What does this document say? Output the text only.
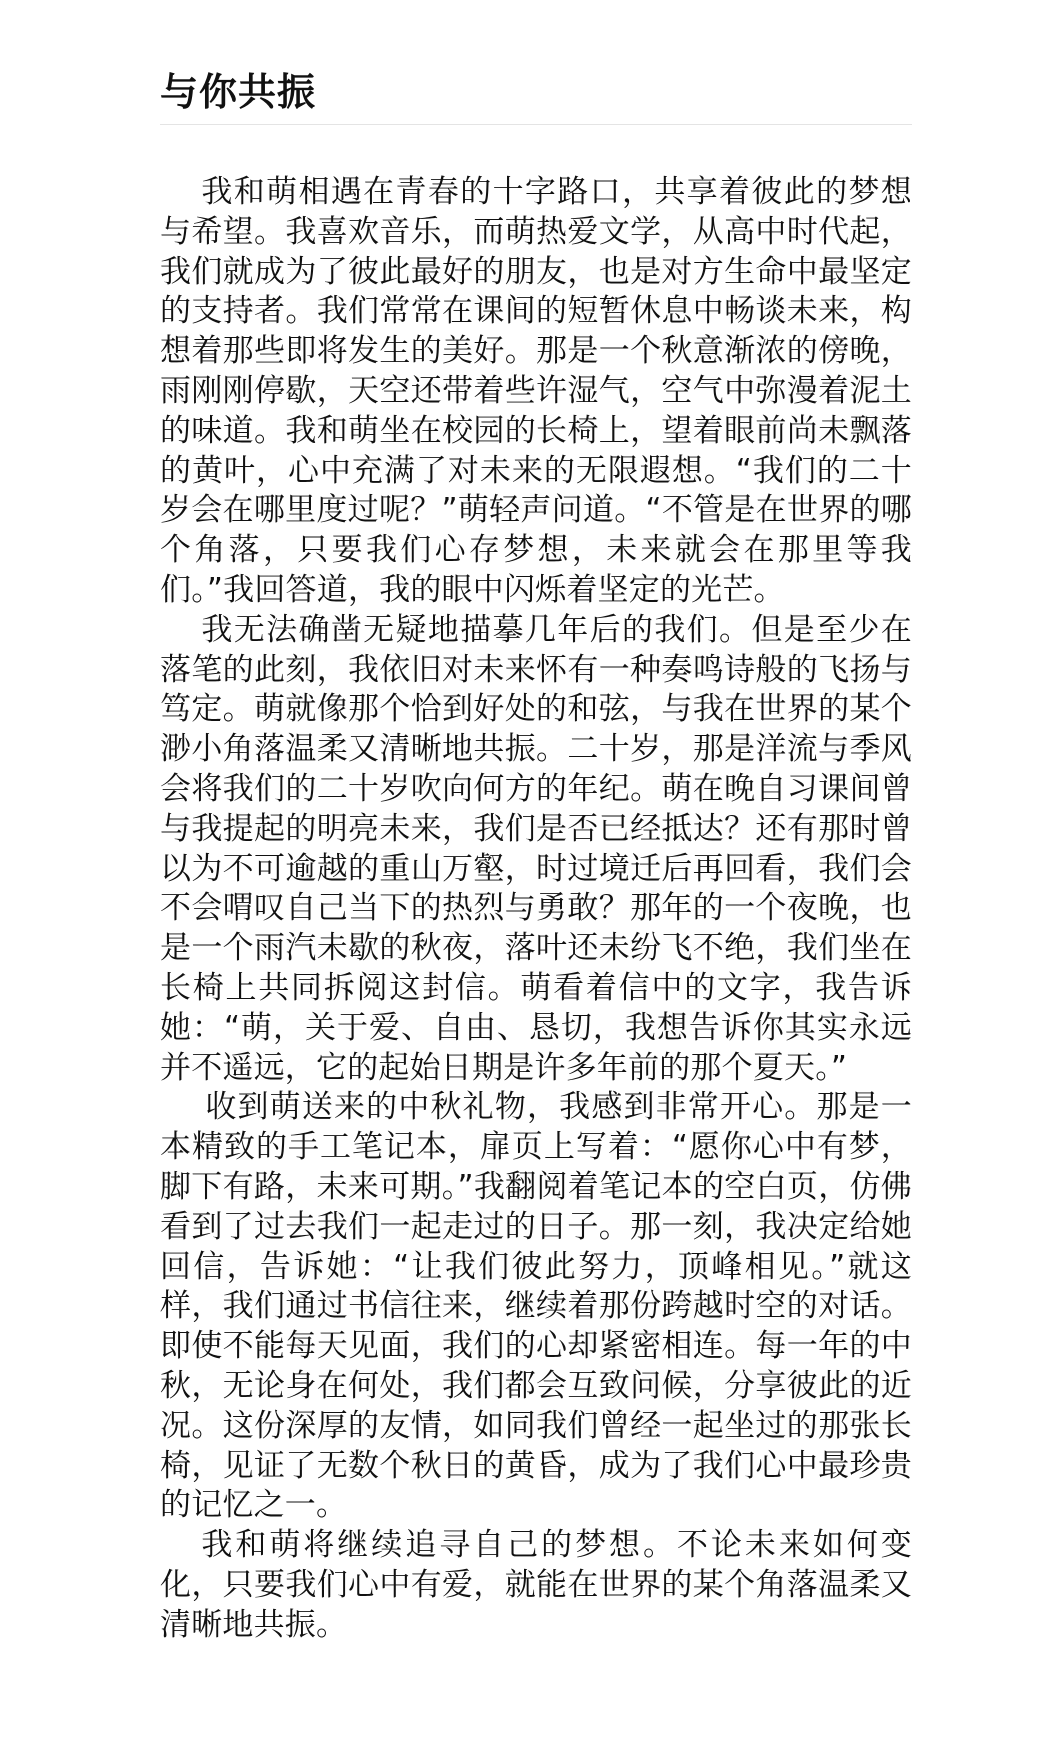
与你共振

我和萌相遇在青春的十字路口，共享着彼此的梦想与希望。我喜欢音乐，而萌热爱文学，从高中时代起，我们就成为了彼此最好的朋友，也是对方生命中最坚定的支持者。我们常常在课间的短暂休息中畅谈未来，构想着那些即将发生的美好。那是一个秋意渐浓的傍晚，雨刚刚停歇，天空还带着些许湿气，空气中弥漫着泥土的味道。我和萌坐在校园的长椅上，望着眼前尚未飘落的黄叶，心中充满了对未来的无限遐想。“我们的二十岁会在哪里度过呢？”萌轻声问道。“不管是在世界的哪个角落，只要我们心存梦想，未来就会在那里等我们。”我回答道，我的眼中闪烁着坚定的光芒。

我无法确凿无疑地描摹几年后的我们。但是至少在落笔的此刻，我依旧对未来怀有一种奏鸣诗般的飞扬与笃定。萌就像那个恰到好处的和弦，与我在世界的某个渺小角落温柔又清晰地共振。二十岁，那是洋流与季风会将我们的二十岁吹向何方的年纪。萌在晚自习课间曾与我提起的明亮未来，我们是否已经抵达？还有那时曾以为不可逾越的重山万壑，时过境迁后再回看，我们会不会喟叹自己当下的热烈与勇敢？那年的一个夜晚，也是一个雨汽未歇的秋夜，落叶还未纷飞不绝，我们坐在长椅上共同拆阅这封信。萌看着信中的文字，我告诉她：“萌，关于爱、自由、恳切，我想告诉你其实永远并不遥远，它的起始日期是许多年前的那个夏天。”

收到萌送来的中秋礼物，我感到非常开心。那是一本精致的手工笔记本，扉页上写着：“愿你心中有梦，脚下有路，未来可期。”我翻阅着笔记本的空白页，仿佛看到了过去我们一起走过的日子。那一刻，我决定给她回信，告诉她：“让我们彼此努力，顶峰相见。”就这样，我们通过书信往来，继续着那份跨越时空的对话。即使不能每天见面，我们的心却紧密相连。每一年的中秋，无论身在何处，我们都会互致问候，分享彼此的近况。这份深厚的友情，如同我们曾经一起坐过的那张长椅，见证了无数个秋日的黄昏，成为了我们心中最珍贵的记忆之一。

我和萌将继续追寻自己的梦想。不论未来如何变化，只要我们心中有爱，就能在世界的某个角落温柔又清晰地共振。
